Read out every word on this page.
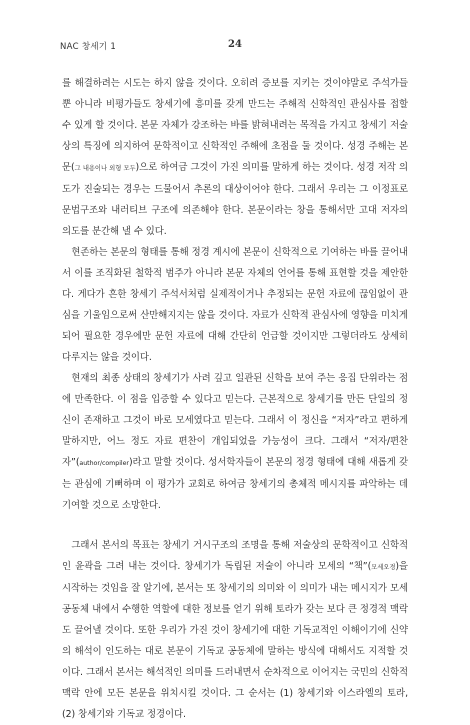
NAC 창세기 1	24

를 해결하려는 시도는 하지 않을 것이다. 오히려 증보를 지키는 것이야말로 주석가들뿐 아니라 비평가들도 창세기에 흥미를 갖게 만드는 주해적 신학적인 관심사를 접할 수 있게 할 것이다. 본문 자체가 강조하는 바를 밝혀내려는 목적을 가지고 창세기 저술상의 특징에 의지하여 문학적이고 신학적인 주해에 초점을 둘 것이다. 성경 주해는 본문(그 내용이나 외형 모두)으로 하여금 그것이 가진 의미를 말하게 하는 것이다. 성경 저작 의도가 진술되는 경우는 드물어서 추론의 대상이어야 한다. 그래서 우리는 그 이정표로 문법구조와 내러티브 구조에 의존해야 한다. 본문이라는 창을 통해서만 고대 저자의 의도를 분간해 낼 수 있다.

현존하는 본문의 형태를 통해 정경 계시에 본문이 신학적으로 기여하는 바를 끌어내서 이를 조직화된 철학적 범주가 아니라 본문 자체의 언어를 통해 표현할 것을 제안한다. 게다가 흔한 창세기 주석서처럼 실제적이거나 추정되는 문헌 자료에 끊임없이 관심을 기울임으로써 산만해지지는 않을 것이다. 자료가 신학적 관심사에 영향을 미치게 되어 필요한 경우에만 문헌 자료에 대해 간단히 언급할 것이지만 그렇더라도 상세히 다루지는 않을 것이다.

현재의 최종 상태의 창세기가 사려 깊고 일관된 신학을 보여 주는 응집 단위라는 점에 만족한다. 이 점을 입증할 수 있다고 믿는다. 근본적으로 창세기를 만든 단일의 정신이 존재하고 그것이 바로 모세였다고 믿는다. 그래서 이 정신을 “저자”라고 편하게 말하지만, 어느 정도 자료 편찬이 개입되었을 가능성이 크다. 그래서 “저자/편찬자”(author/compiler)라고 말할 것이다. 성서학자들이 본문의 정경 형태에 대해 새롭게 갖는 관심에 기뻐하며 이 평가가 교회로 하여금 창세기의 총체적 메시지를 파악하는 데 기여할 것으로 소망한다.

그래서 본서의 목표는 창세기 거시구조의 조명을 통해 저술상의 문학적이고 신학적인 윤곽을 그려 내는 것이다. 창세기가 독립된 저술이 아니라 모세의 “책”(모세오경)을 시작하는 것임을 잘 알기에, 본서는 또 창세기의 의미와 이 의미가 내는 메시지가 모세 공동체 내에서 수행한 역할에 대한 정보를 얻기 위해 토라가 갖는 보다 큰 정경적 맥락도 끌어낼 것이다. 또한 우리가 가진 것이 창세기에 대한 기독교적인 이해이기에 신약의 해석이 인도하는 대로 본문이 기독교 공동체에 말하는 방식에 대해서도 지적할 것이다. 그래서 본서는 해석적인 의미를 드러내면서 순차적으로 이어지는 국민의 신학적 맥락 안에 모든 본문을 위치시킬 것이다. 그 순서는 (1) 창세기와 이스라엘의 토라, (2) 창세기와 기독교 정경이다.
